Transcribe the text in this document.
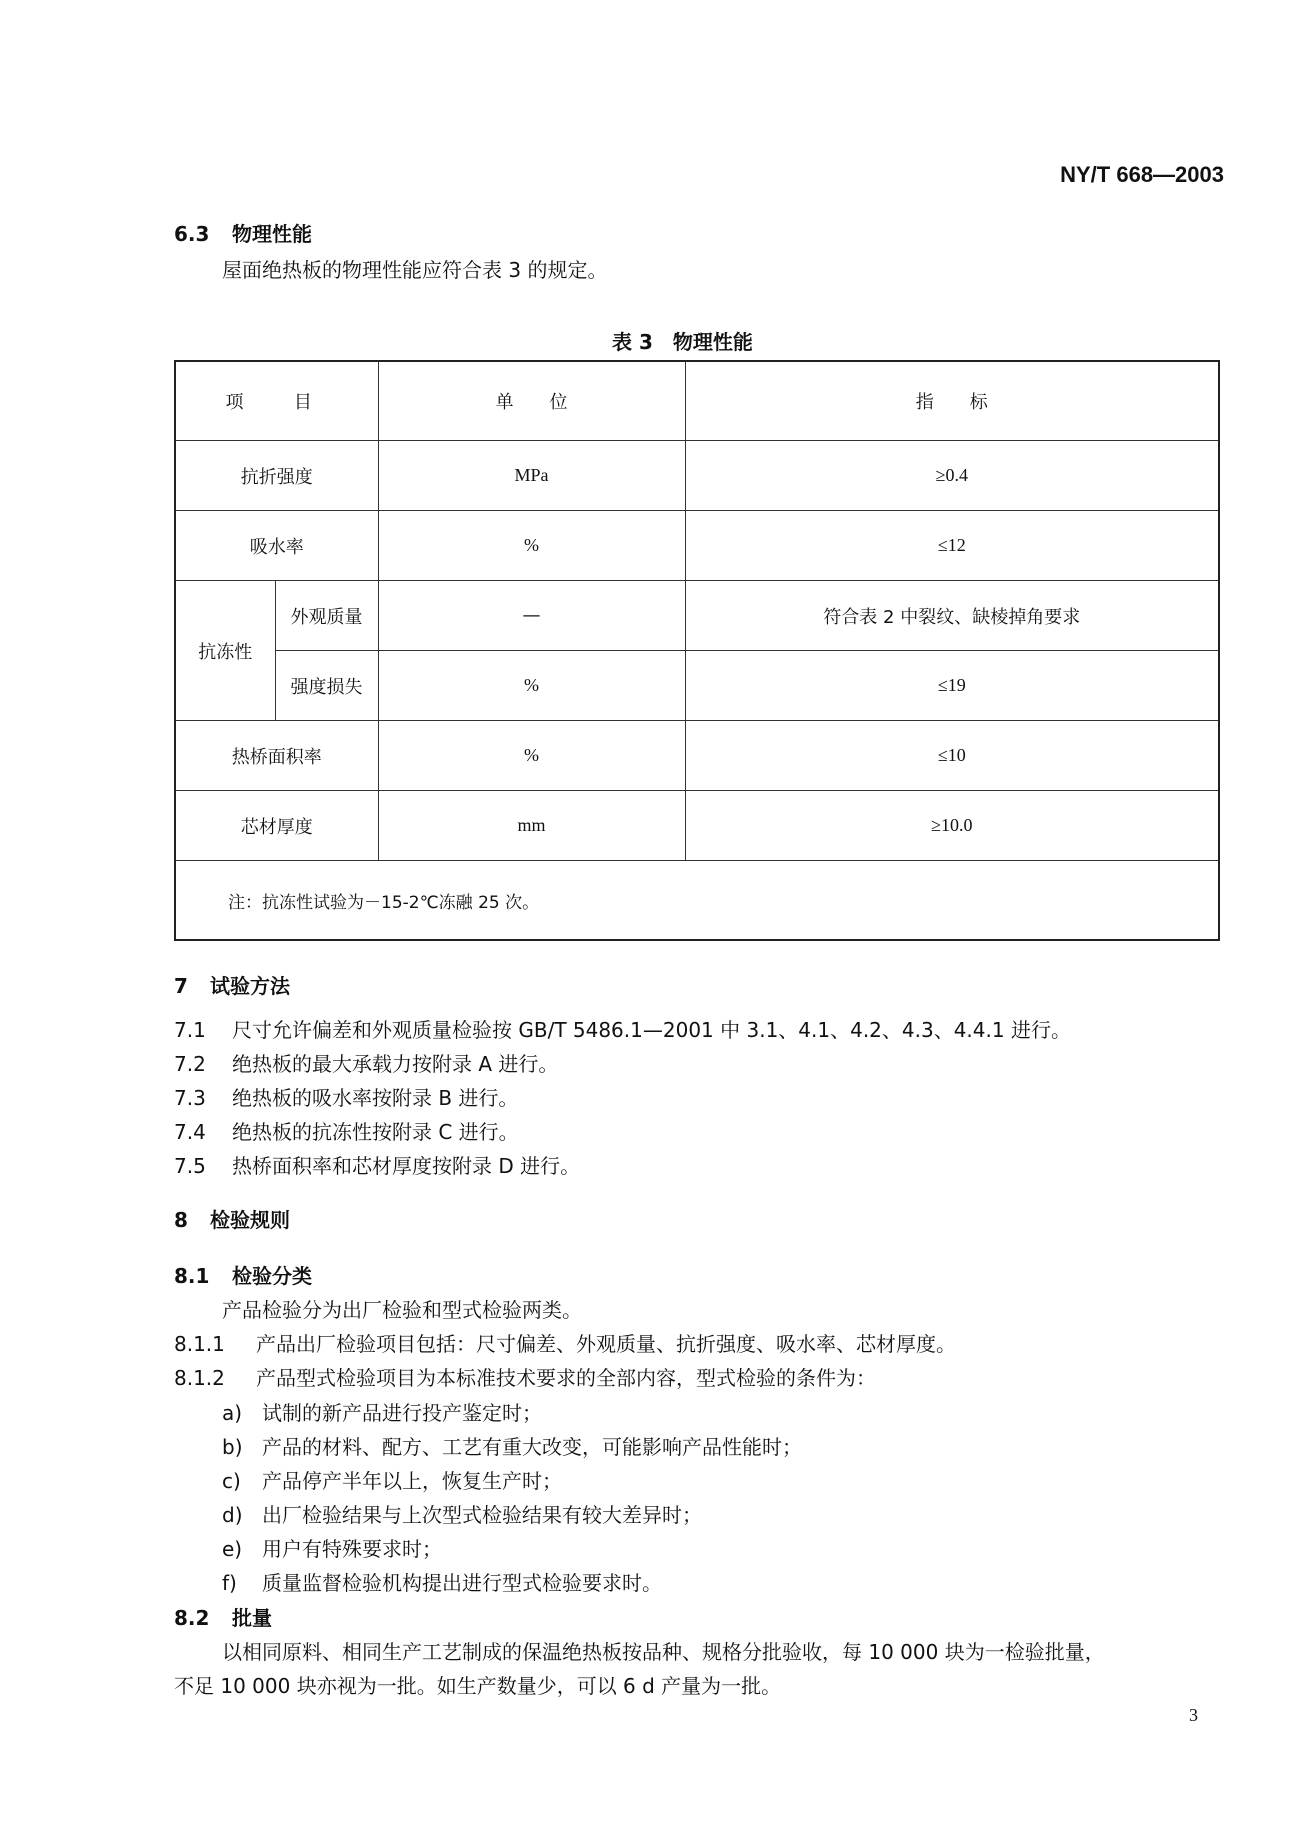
NY/T 668—2003
6.3 物理性能
屋面绝热板的物理性能应符合表 3 的规定。
表 3　物理性能
项　目		单　　位	指　　标
抗折强度		MPa	≥0.4
吸水率		%	≤12
抗冻性	外观质量	—	符合表 2 中裂纹、缺棱掉角要求
	强度损失	%	≤19
热桥面积率		%	≤10
芯材厚度		mm	≥10.0
注：抗冻性试验为－15-2℃冻融 25 次。			
7 试验方法
7.1 尺寸允许偏差和外观质量检验按 GB/T 5486.1—2001 中 3.1、4.1、4.2、4.3、4.4.1 进行。
7.2 绝热板的最大承载力按附录 A 进行。
7.3 绝热板的吸水率按附录 B 进行。
7.4 绝热板的抗冻性按附录 C 进行。
7.5 热桥面积率和芯材厚度按附录 D 进行。
8 检验规则
8.1 检验分类
产品检验分为出厂检验和型式检验两类。
8.1.1 产品出厂检验项目包括：尺寸偏差、外观质量、抗折强度、吸水率、芯材厚度。
8.1.2 产品型式检验项目为本标准技术要求的全部内容，型式检验的条件为：
a) 试制的新产品进行投产鉴定时；
b) 产品的材料、配方、工艺有重大改变，可能影响产品性能时；
c) 产品停产半年以上，恢复生产时；
d) 出厂检验结果与上次型式检验结果有较大差异时；
e) 用户有特殊要求时；
f) 质量监督检验机构提出进行型式检验要求时。
8.2 批量
以相同原料、相同生产工艺制成的保温绝热板按品种、规格分批验收，每 10 000 块为一检验批量，
不足 10 000 块亦视为一批。如生产数量少，可以 6 d 产量为一批。
3
